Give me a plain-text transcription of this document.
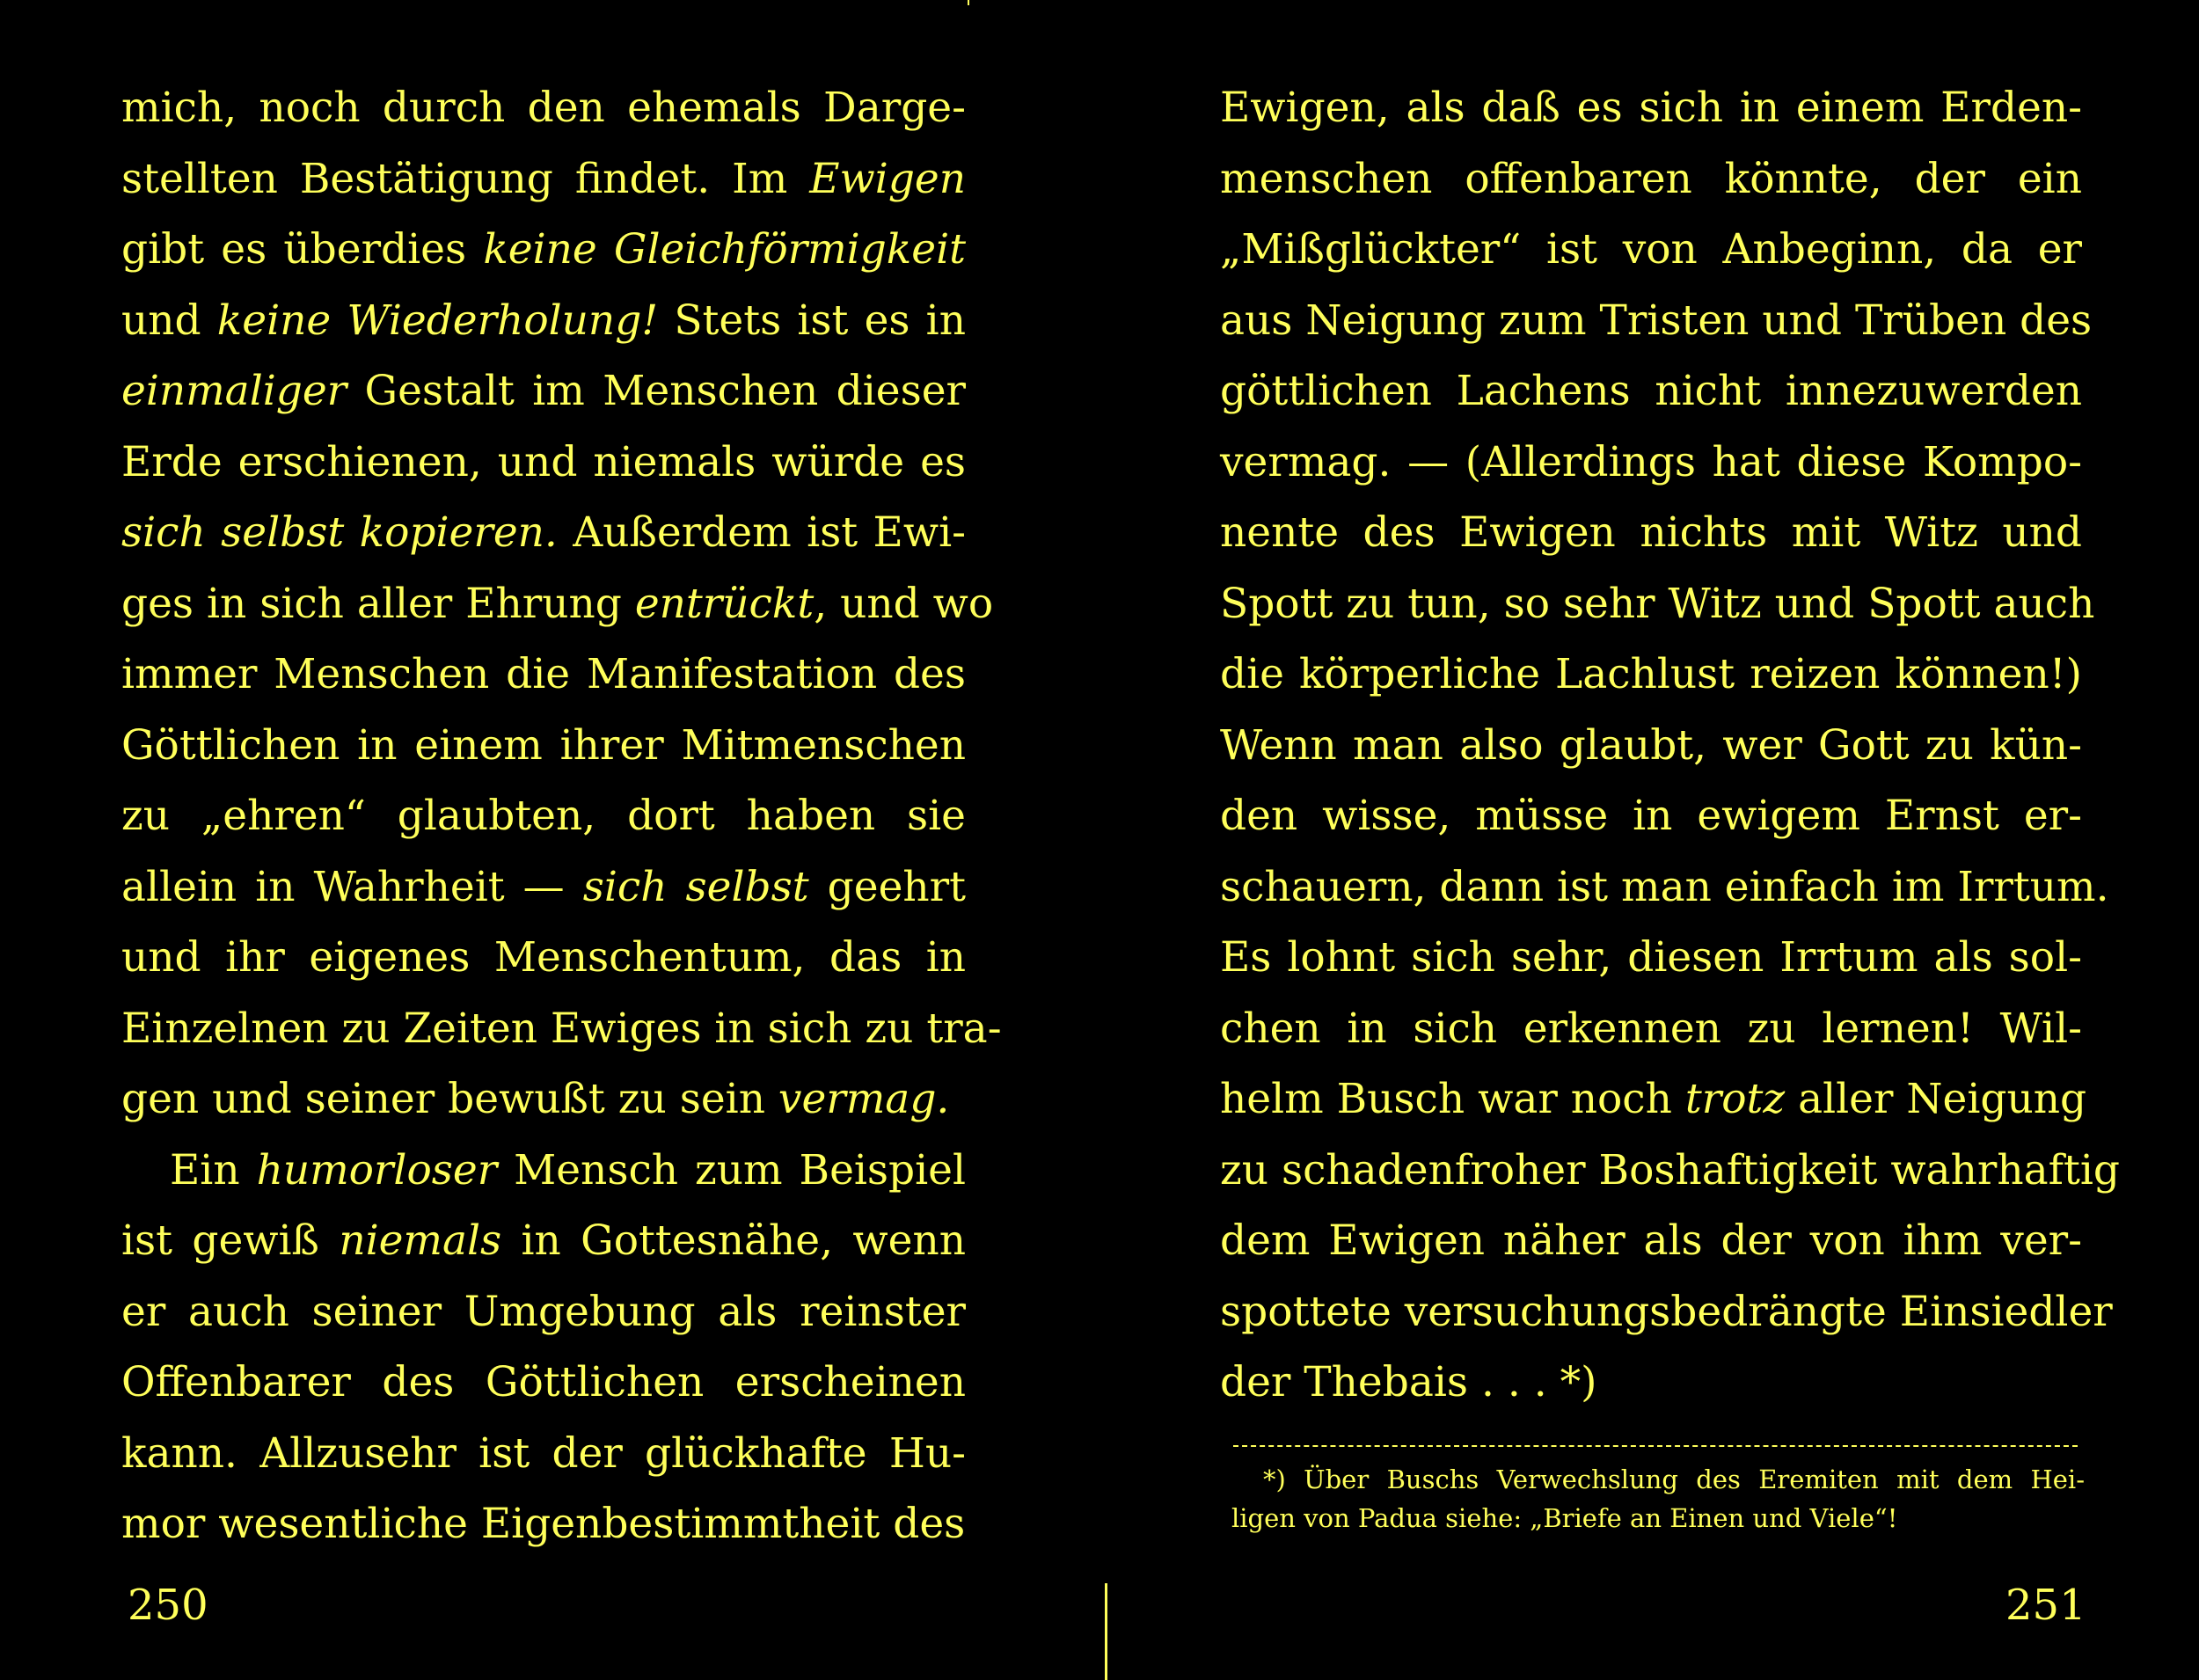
mich, noch durch den ehemals Darge-
stellten Bestätigung findet. Im Ewigen
gibt es überdies keine Gleichförmigkeit
und keine Wiederholung! Stets ist es in
einmaliger Gestalt im Menschen dieser
Erde erschienen, und niemals würde es
sich selbst kopieren. Außerdem ist Ewi-
ges in sich aller Ehrung entrückt, und wo
immer Menschen die Manifestation des
Göttlichen in einem ihrer Mitmenschen
zu „ehren“ glaubten, dort haben sie
allein in Wahrheit — sich selbst geehrt
und ihr eigenes Menschentum, das in
Einzelnen zu Zeiten Ewiges in sich zu tra-
gen und seiner bewußt zu sein vermag.
Ein humorloser Mensch zum Beispiel
ist gewiß niemals in Gottesnähe, wenn
er auch seiner Umgebung als reinster
Offenbarer des Göttlichen erscheinen
kann. Allzusehr ist der glückhafte Hu-
mor wesentliche Eigenbestimmtheit des
250
Ewigen, als daß es sich in einem Erden-
menschen offenbaren könnte, der ein
„Mißglückter“ ist von Anbeginn, da er
aus Neigung zum Tristen und Trüben des
göttlichen Lachens nicht innezuwerden
vermag. — (Allerdings hat diese Kompo-
nente des Ewigen nichts mit Witz und
Spott zu tun, so sehr Witz und Spott auch
die körperliche Lachlust reizen können!)
Wenn man also glaubt, wer Gott zu kün-
den wisse, müsse in ewigem Ernst er-
schauern, dann ist man einfach im Irrtum.
Es lohnt sich sehr, diesen Irrtum als sol-
chen in sich erkennen zu lernen! Wil-
helm Busch war noch trotz aller Neigung
zu schadenfroher Boshaftigkeit wahrhaftig
dem Ewigen näher als der von ihm ver-
spottete versuchungsbedrängte Einsiedler
der Thebais . . . *)
251
*) Über Buschs Verwechslung des Eremiten mit dem Hei-
ligen von Padua siehe: „Briefe an Einen und Viele“!
